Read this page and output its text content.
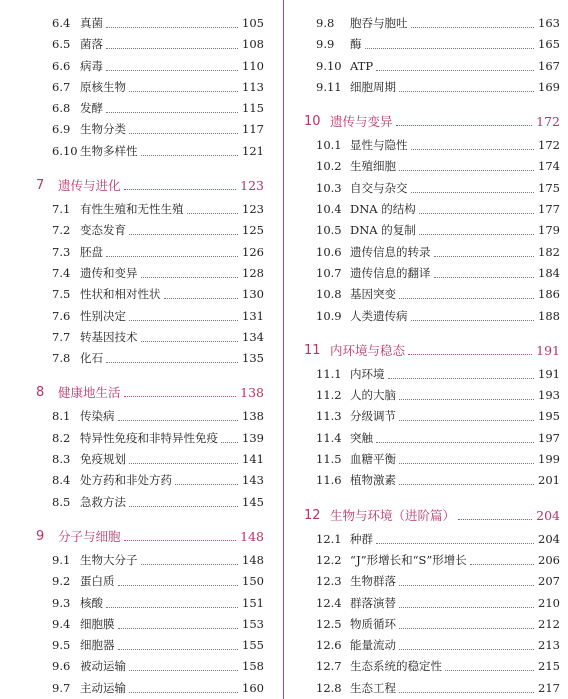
6.4 真菌	105
6.5 菌落	108
6.6 病毒	110
6.7 原核生物	113
6.8 发酵	115
6.9 生物分类	117
6.10 生物多样性	121
7 遗传与进化	123
7.1 有性生殖和无性生殖	123
7.2 变态发育	125
7.3 胚盘	126
7.4 遗传和变异	128
7.5 性状和相对性状	130
7.6 性别决定	131
7.7 转基因技术	134
7.8 化石	135
8 健康地生活	138
8.1 传染病	138
8.2 特异性免疫和非特异性免疫 139
8.3 免疫规划	141
8.4 处方药和非处方药	143
8.5 急救方法	145
9 分子与细胞	148
9.1 生物大分子	148
9.2 蛋白质	150
9.3 核酸	151
9.4 细胞膜	153
9.5 细胞器	155
9.6 被动运输	158
9.7 主动运输	160
9.8 胞吞与胞吐	163
9.9 酶	165
9.10 ATP	167
9.11 细胞周期	169
10 遗传与变异	172
10.1 显性与隐性	172
10.2 生殖细胞	174
10.3 自交与杂交	175
10.4 DNA 的结构	177
10.5 DNA 的复制	179
10.6 遗传信息的转录	182
10.7 遗传信息的翻译	184
10.8 基因突变	186
10.9 人类遗传病	188
11 内环境与稳态	191
11.1 内环境	191
11.2 人的大脑	193
11.3 分级调节	195
11.4 突触	197
11.5 血糖平衡	199
11.6 植物激素	201
12 生物与环境（进阶篇）	204
12.1 种群	204
12.2 “J”形增长和“S”形增长	206
12.3 生物群落	207
12.4 群落演替	210
12.5 物质循环	212
12.6 能量流动	213
12.7 生态系统的稳定性	215
12.8 生态工程	217
